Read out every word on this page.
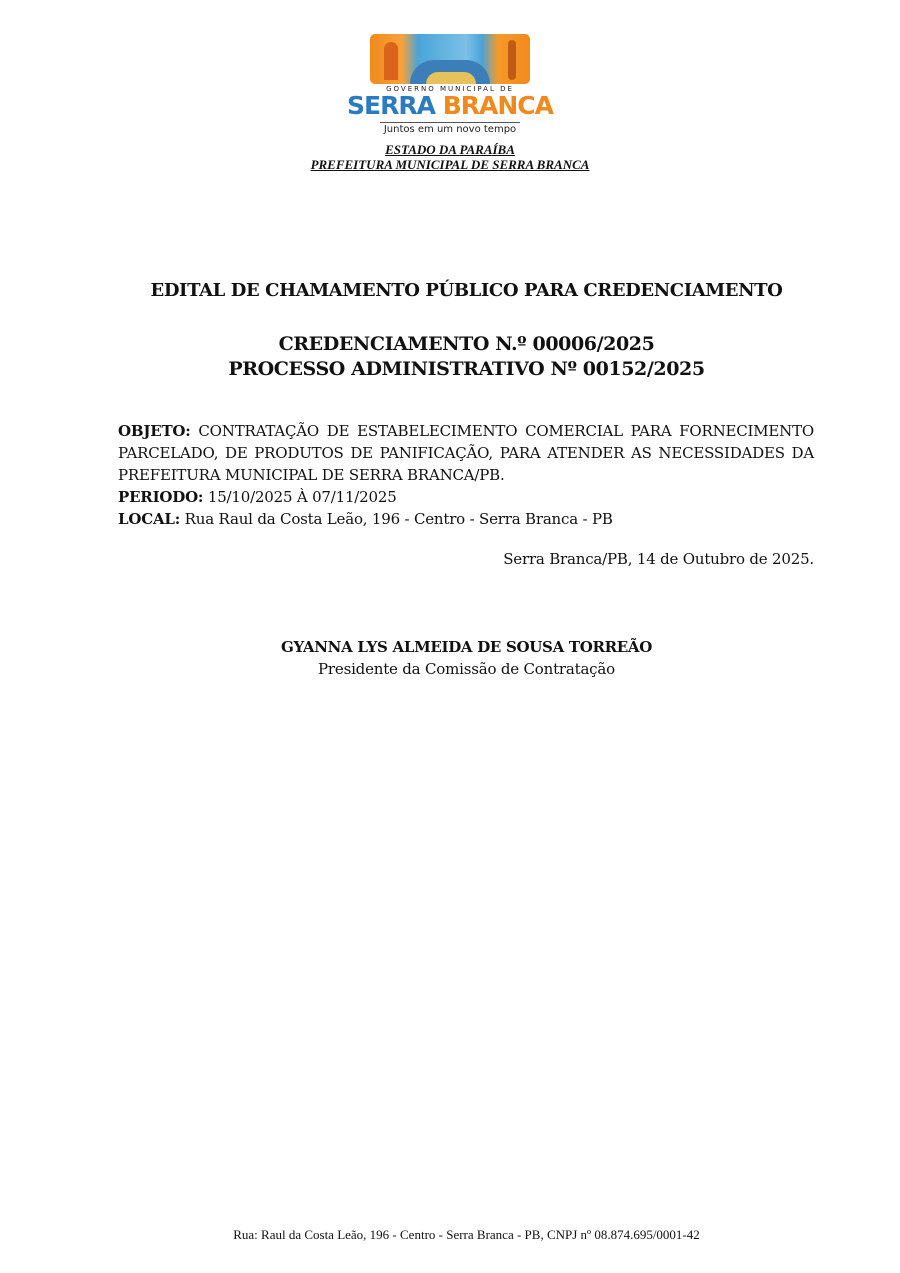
GOVERNO MUNICIPAL DE
SERRA BRANCA
Juntos em um novo tempo
ESTADO DA PARAÍBA
PREFEITURA MUNICIPAL DE SERRA BRANCA
EDITAL DE CHAMAMENTO PÚBLICO PARA CREDENCIAMENTO
CREDENCIAMENTO N.º 00006/2025
PROCESSO ADMINISTRATIVO Nº 00152/2025
OBJETO: CONTRATAÇÃO DE ESTABELECIMENTO COMERCIAL PARA FORNECIMENTO PARCELADO, DE PRODUTOS DE PANIFICAÇÃO, PARA ATENDER AS NECESSIDADES DA PREFEITURA MUNICIPAL DE SERRA BRANCA/PB.
PERIODO: 15/10/2025 À 07/11/2025
LOCAL: Rua Raul da Costa Leão, 196 - Centro - Serra Branca - PB
Serra Branca/PB, 14 de Outubro de 2025.
GYANNA LYS ALMEIDA DE SOUSA TORREÃO
Presidente da Comissão de Contratação
Rua: Raul da Costa Leão, 196 - Centro - Serra Branca - PB, CNPJ nº 08.874.695/0001-42
